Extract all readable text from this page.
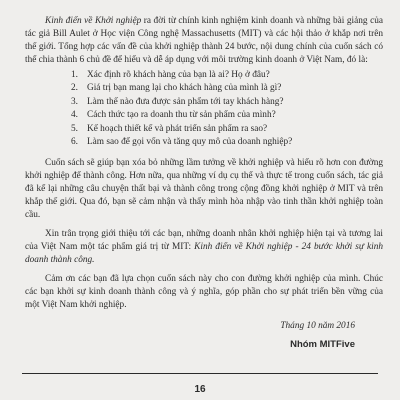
Kinh điển về Khởi nghiệp ra đời từ chính kinh nghiệm kinh doanh và những bài giảng của tác giả Bill Aulet ở Học viện Công nghệ Massachusetts (MIT) và các hội thảo ở khắp nơi trên thế giới. Tổng hợp các vấn đề của khởi nghiệp thành 24 bước, nội dung chính của cuốn sách có thể chia thành 6 chủ đề để hiểu và dễ áp dụng với môi trường kinh doanh ở Việt Nam, đó là:

1. Xác định rõ khách hàng của bạn là ai? Họ ở đâu?
2. Giá trị bạn mang lại cho khách hàng của mình là gì?
3. Làm thế nào đưa được sản phẩm tới tay khách hàng?
4. Cách thức tạo ra doanh thu từ sản phẩm của mình?
5. Kế hoạch thiết kế và phát triển sản phẩm ra sao?
6. Làm sao để gọi vốn và tăng quy mô của doanh nghiệp?

Cuốn sách sẽ giúp bạn xóa bỏ những lầm tưởng về khởi nghiệp và hiểu rõ hơn con đường khởi nghiệp để thành công. Hơn nữa, qua những ví dụ cụ thể và thực tế trong cuốn sách, tác giả đã kể lại những câu chuyện thất bại và thành công trong cộng đồng khởi nghiệp ở MIT và trên khắp thế giới. Qua đó, bạn sẽ cảm nhận và thấy mình hòa nhập vào tinh thần khởi nghiệp toàn cầu.

Xin trân trọng giới thiệu tới các bạn, những doanh nhân khởi nghiệp hiện tại và tương lai của Việt Nam một tác phẩm giá trị từ MIT: Kinh điển về Khởi nghiệp - 24 bước khởi sự kinh doanh thành công.

Cảm ơn các bạn đã lựa chọn cuốn sách này cho con đường khởi nghiệp của mình. Chúc các bạn khởi sự kinh doanh thành công và ý nghĩa, góp phần cho sự phát triển bền vững của một Việt Nam khởi nghiệp.

Tháng 10 năm 2016
Nhóm MITFive
16
